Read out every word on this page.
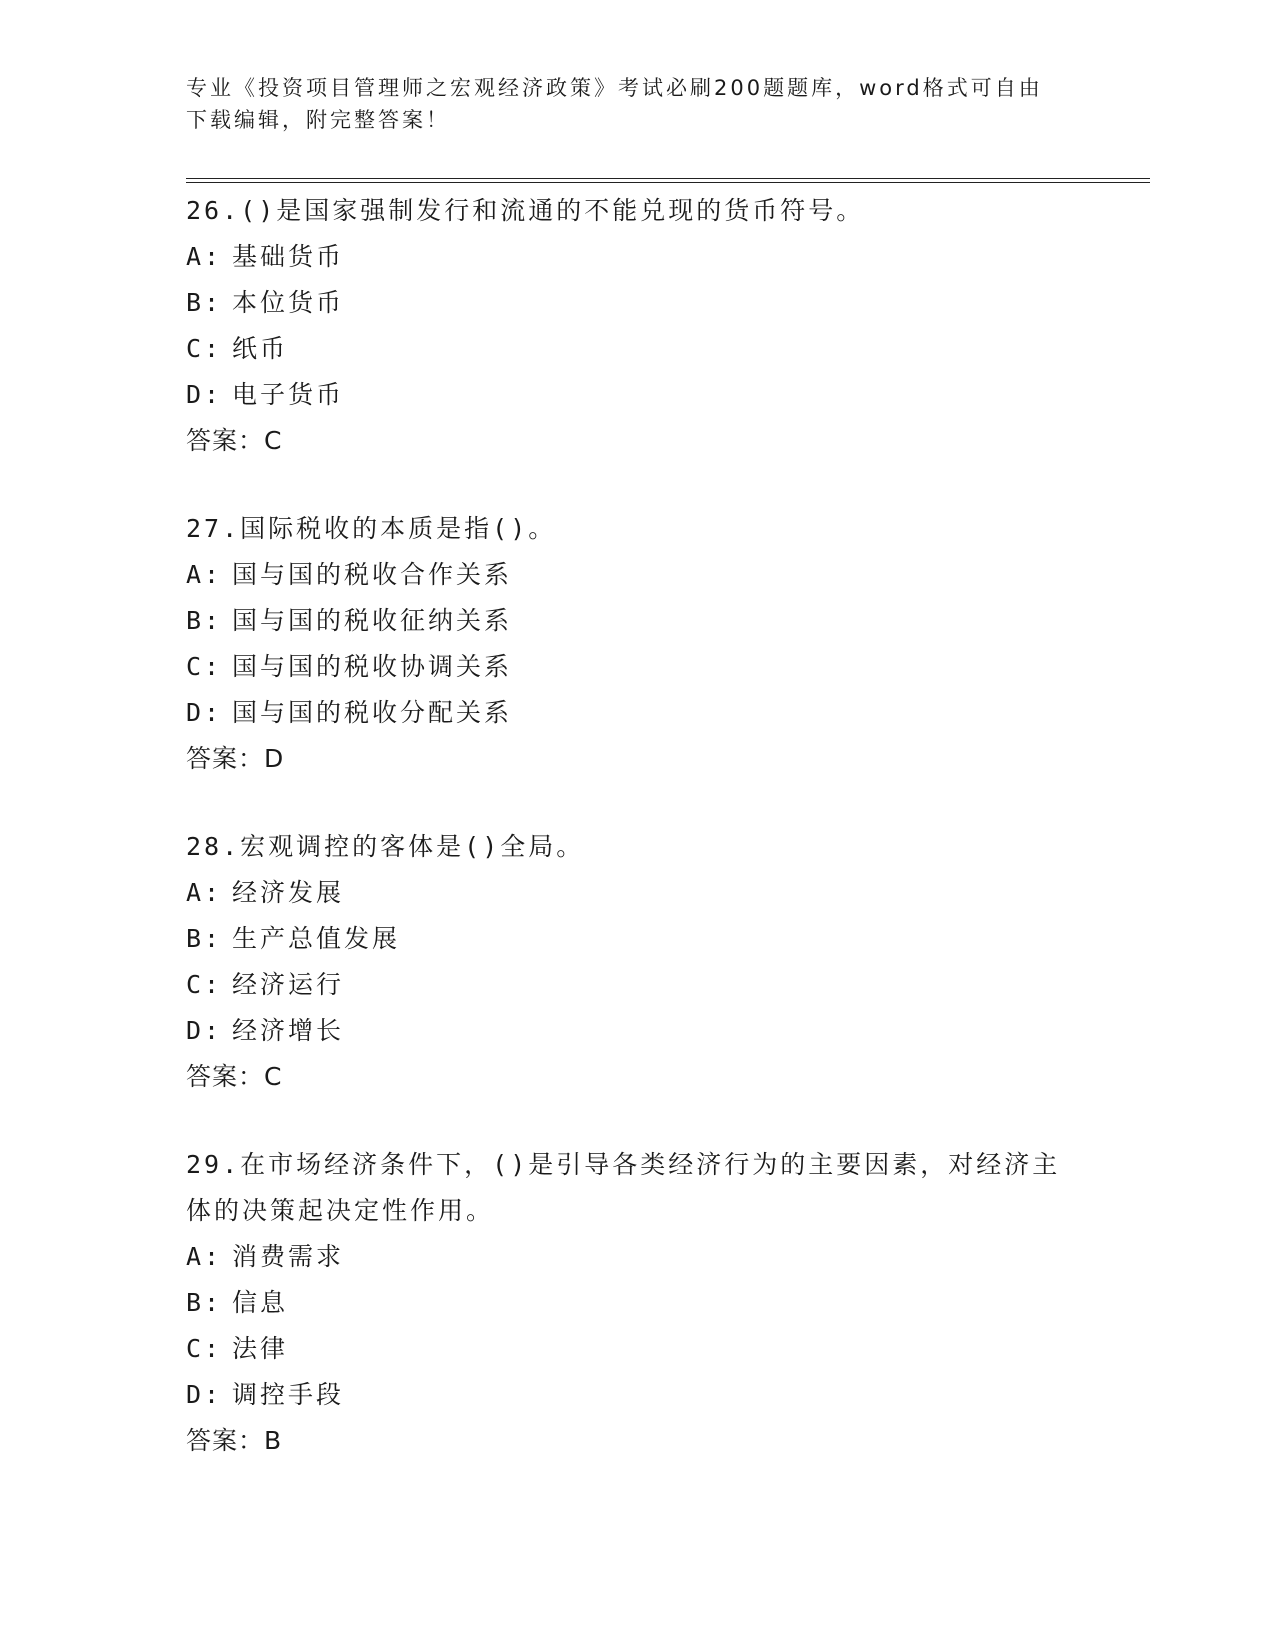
专业《投资项目管理师之宏观经济政策》考试必刷200题题库，word格式可自由
下载编辑，附完整答案！
26.()是国家强制发行和流通的不能兑现的货币符号。
A: 基础货币
B: 本位货币
C: 纸币
D: 电子货币
答案：C
27.国际税收的本质是指()。
A: 国与国的税收合作关系
B: 国与国的税收征纳关系
C: 国与国的税收协调关系
D: 国与国的税收分配关系
答案：D
28.宏观调控的客体是()全局。
A: 经济发展
B: 生产总值发展
C: 经济运行
D: 经济增长
答案：C
29.在市场经济条件下，()是引导各类经济行为的主要因素，对经济主体的决策起决定性作用。
A: 消费需求
B: 信息
C: 法律
D: 调控手段
答案：B
